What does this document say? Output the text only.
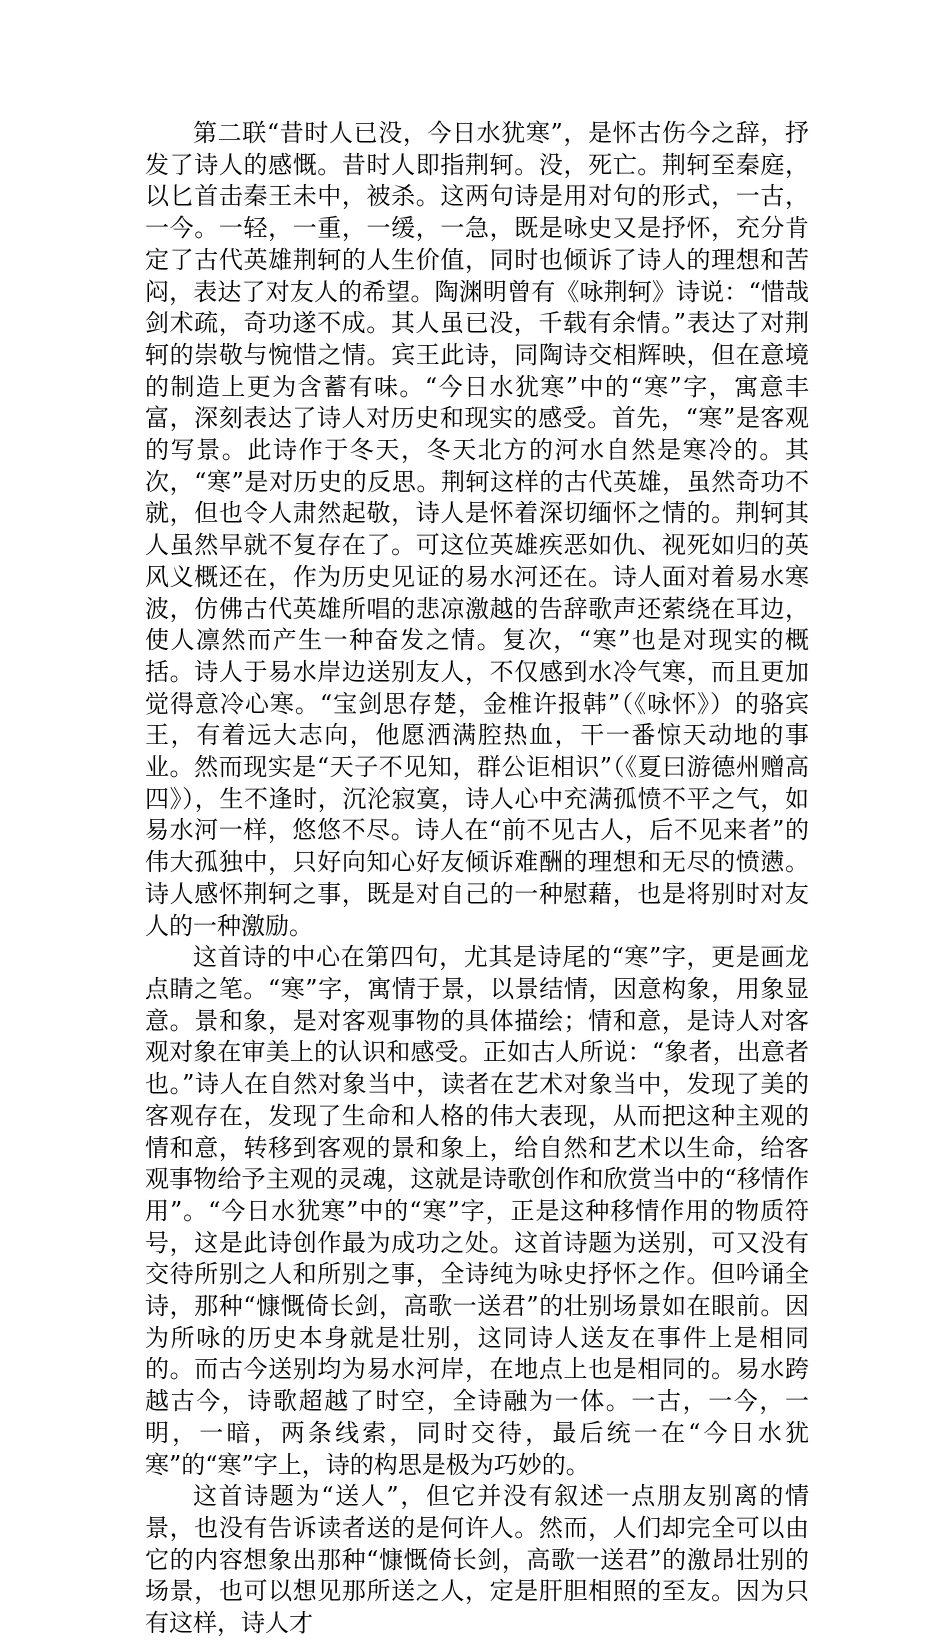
第二联“昔时人已没，今日水犹寒”，是怀古伤今之辞，抒发了诗人的感慨。昔时人即指荆轲。没，死亡。荆轲至秦庭，以匕首击秦王未中，被杀。这两句诗是用对句的形式，一古，一今。一轻，一重，一缓，一急，既是咏史又是抒怀，充分肯定了古代英雄荆轲的人生价值，同时也倾诉了诗人的理想和苦闷，表达了对友人的希望。陶渊明曾有《咏荆轲》诗说：“惜哉剑术疏，奇功遂不成。其人虽已没，千载有余情。”表达了对荆轲的崇敬与惋惜之情。宾王此诗，同陶诗交相辉映，但在意境的制造上更为含蓄有味。“今日水犹寒”中的“寒”字，寓意丰富，深刻表达了诗人对历史和现实的感受。首先，“寒”是客观的写景。此诗作于冬天，冬天北方的河水自然是寒冷的。其次，“寒”是对历史的反思。荆轲这样的古代英雄，虽然奇功不就，但也令人肃然起敬，诗人是怀着深切缅怀之情的。荆轲其人虽然早就不复存在了。可这位英雄疾恶如仇、视死如归的英风义概还在，作为历史见证的易水河还在。诗人面对着易水寒波，仿佛古代英雄所唱的悲凉激越的告辞歌声还萦绕在耳边，使人凛然而产生一种奋发之情。复次，“寒”也是对现实的概括。诗人于易水岸边送别友人，不仅感到水冷气寒，而且更加觉得意冷心寒。“宝剑思存楚，金椎许报韩”（《咏怀》）的骆宾王，有着远大志向，他愿洒满腔热血，干一番惊天动地的事业。然而现实是“天子不见知，群公讵相识”（《夏曰游德州赠高四》），生不逢时，沉沦寂寞，诗人心中充满孤愤不平之气，如易水河一样，悠悠不尽。诗人在“前不见古人，后不见来者”的伟大孤独中，只好向知心好友倾诉难酬的理想和无尽的愤懑。诗人感怀荆轲之事，既是对自己的一种慰藉，也是将别时对友人的一种激励。

这首诗的中心在第四句，尤其是诗尾的“寒”字，更是画龙点睛之笔。“寒”字，寓情于景，以景结情，因意构象，用象显意。景和象，是对客观事物的具体描绘；情和意，是诗人对客观对象在审美上的认识和感受。正如古人所说：“象者，出意者也。”诗人在自然对象当中，读者在艺术对象当中，发现了美的客观存在，发现了生命和人格的伟大表现，从而把这种主观的情和意，转移到客观的景和象上，给自然和艺术以生命，给客观事物给予主观的灵魂，这就是诗歌创作和欣赏当中的“移情作用”。“今日水犹寒”中的“寒”字，正是这种移情作用的物质符号，这是此诗创作最为成功之处。这首诗题为送别，可又没有交待所别之人和所别之事，全诗纯为咏史抒怀之作。但吟诵全诗，那种“慷慨倚长剑，高歌一送君”的壮别场景如在眼前。因为所咏的历史本身就是壮别，这同诗人送友在事件上是相同的。而古今送别均为易水河岸，在地点上也是相同的。易水跨越古今，诗歌超越了时空，全诗融为一体。一古，一今，一明，一暗，两条线索，同时交待，最后统一在“今日水犹寒”的“寒”字上，诗的构思是极为巧妙的。

这首诗题为“送人”，但它并没有叙述一点朋友别离的情景，也没有告诉读者送的是何许人。然而，人们却完全可以由它的内容想象出那种“慷慨倚长剑，高歌一送君”的激昂壮别的场景，也可以想见那所送之人，定是肝胆相照的至友。因为只有这样，诗人才
